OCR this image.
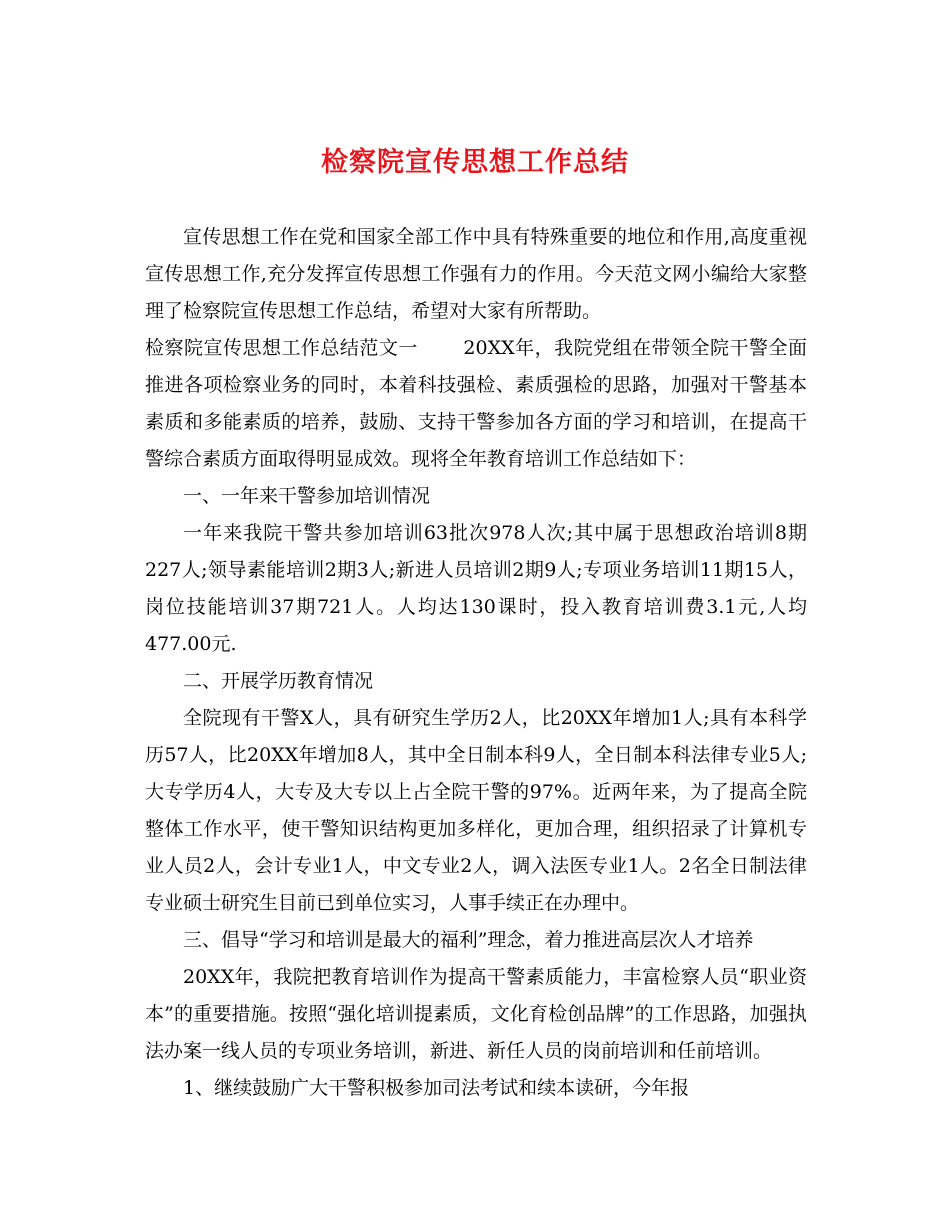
检察院宣传思想工作总结

宣传思想工作在党和国家全部工作中具有特殊重要的地位和作用,高度重视宣传思想工作,充分发挥宣传思想工作强有力的作用。今天范文网小编给大家整理了检察院宣传思想工作总结，希望对大家有所帮助。

检察院宣传思想工作总结范文一　　 20XX年，我院党组在带领全院干警全面推进各项检察业务的同时，本着科技强检、素质强检的思路，加强对干警基本素质和多能素质的培养，鼓励、支持干警参加各方面的学习和培训，在提高干警综合素质方面取得明显成效。现将全年教育培训工作总结如下：

一、一年来干警参加培训情况

一年来我院干警共参加培训63批次978人次;其中属于思想政治培训8期227人;领导素能培训2期3人;新进人员培训2期9人;专项业务培训11期15人，岗位技能培训37期721人。人均达130课时，投入教育培训费3.1元,人均477.00元.

二、开展学历教育情况

全院现有干警X人，具有研究生学历2人，比20XX年增加1人;具有本科学历57人，比20XX年增加8人，其中全日制本科9人，全日制本科法律专业5人;大专学历4人，大专及大专以上占全院干警的97%。近两年来，为了提高全院整体工作水平，使干警知识结构更加多样化，更加合理，组织招录了计算机专业人员2人，会计专业1人，中文专业2人，调入法医专业1人。2名全日制法律专业硕士研究生目前已到单位实习，人事手续正在办理中。

三、倡导“学习和培训是最大的福利”理念，着力推进高层次人才培养

20XX年，我院把教育培训作为提高干警素质能力，丰富检察人员“职业资本”的重要措施。按照“强化培训提素质，文化育检创品牌”的工作思路，加强执法办案一线人员的专项业务培训，新进、新任人员的岗前培训和任前培训。

1、继续鼓励广大干警积极参加司法考试和续本读研，今年报
